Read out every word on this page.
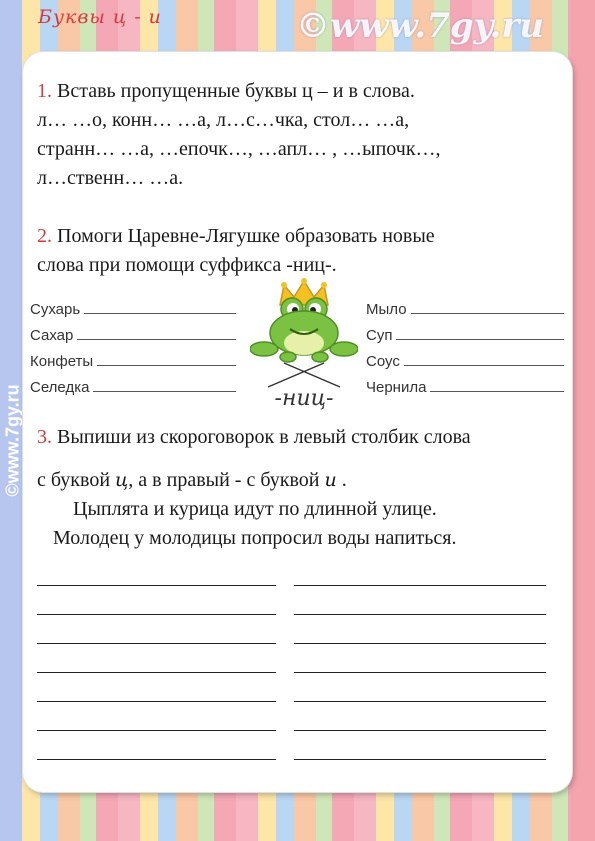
Буквы ц - и	©www.7gy.ru
©www.7gy.ru
1. Вставь пропущенные буквы ц – и в слова.
л… …о, конн… …а, л…с…чка, стол… …а,
странн… …а, …епочк…, …апл… , …ыпочк…,
л…ственн… …а.
2. Помоги Царевне-Лягушке образовать новые
слова при помощи суффикса -ниц-.
Сухарь
Сахар
Конфеты
Селедка
Мыло
Суп
Соус
Чернила
-ниц-
3. Выпиши из скороговорок в левый столбик слова
с буквой ц, а в правый - с буквой и .
Цыплята и курица идут по длинной улице.
Молодец у молодицы попросил воды напиться.
